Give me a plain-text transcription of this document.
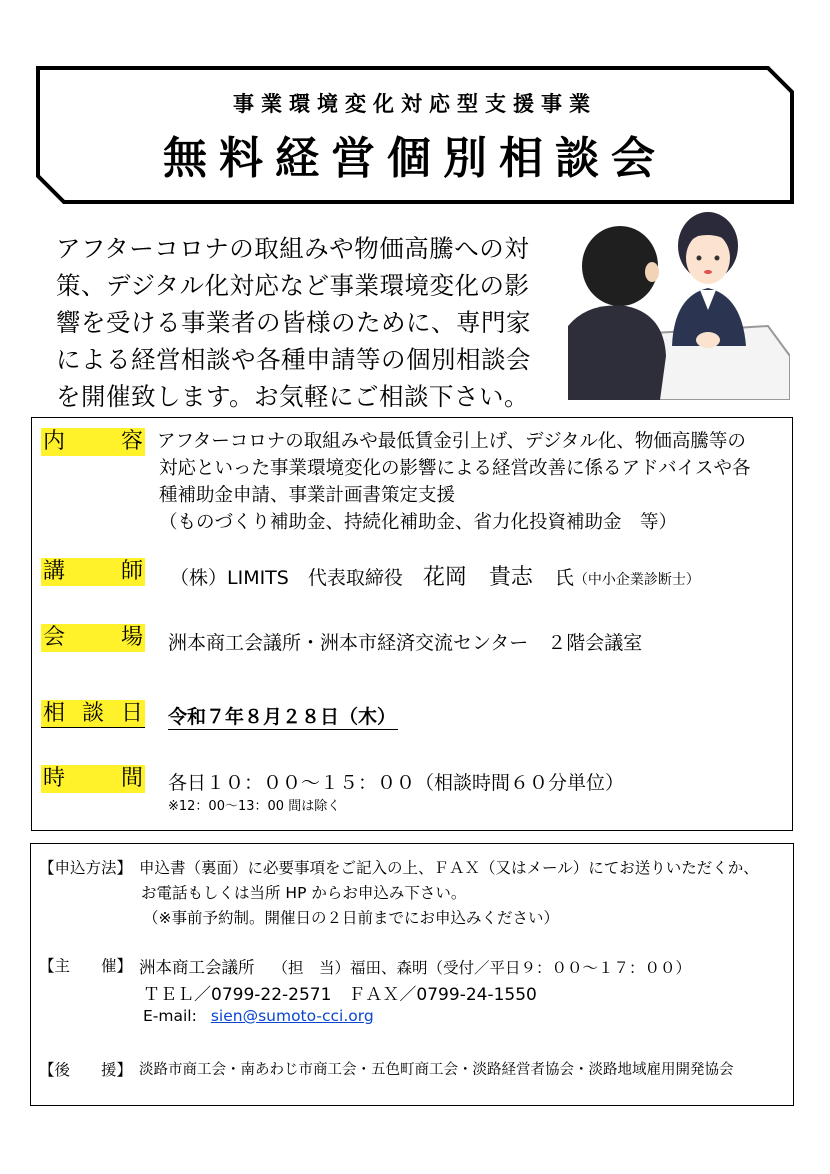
事業環境変化対応型支援事業
無料経営個別相談会
アフターコロナの取組みや物価高騰への対
策、デジタル化対応など事業環境変化の影
響を受ける事業者の皆様のために、専門家
による経営相談や各種申請等の個別相談会
を開催致します。お気軽にご相談下さい。
内	容 アフターコロナの取組みや最低賃金引上げ、デジタル化、物価高騰等の
対応といった事業環境変化の影響による経営改善に係るアドバイスや各
種補助金申請、事業計画書策定支援
（ものづくり補助金、持続化補助金、省力化投資補助金　等）
講	師 （株）LIMITS　代表取締役 花岡　貴志 氏（中小企業診断士）
会	場 洲本商工会議所・洲本市経済交流センター　２階会議室
相 談 日 令和７年８月２８日（木）
時	間 各日１０：００～１５：００（相談時間６０分単位）
※12：00～13：00 間は除く
【申込方法】 申込書（裏面）に必要事項をご記入の上、ＦＡＸ（又はメール）にてお送りいただくか、
お電話もしくは当所 HP からお申込み下さい。
（※事前予約制。開催日の２日前までにお申込みください）
【主　　催】 洲本商工会議所 （担　当）福田、森明（受付／平日９：００～１７：００）
ＴＥＬ／0799-22-2571　ＦＡＸ／0799-24-1550
E-mail: sien@sumoto-cci.org
【後　　援】 淡路市商工会・南あわじ市商工会・五色町商工会・淡路経営者協会・淡路地域雇用開発協会
